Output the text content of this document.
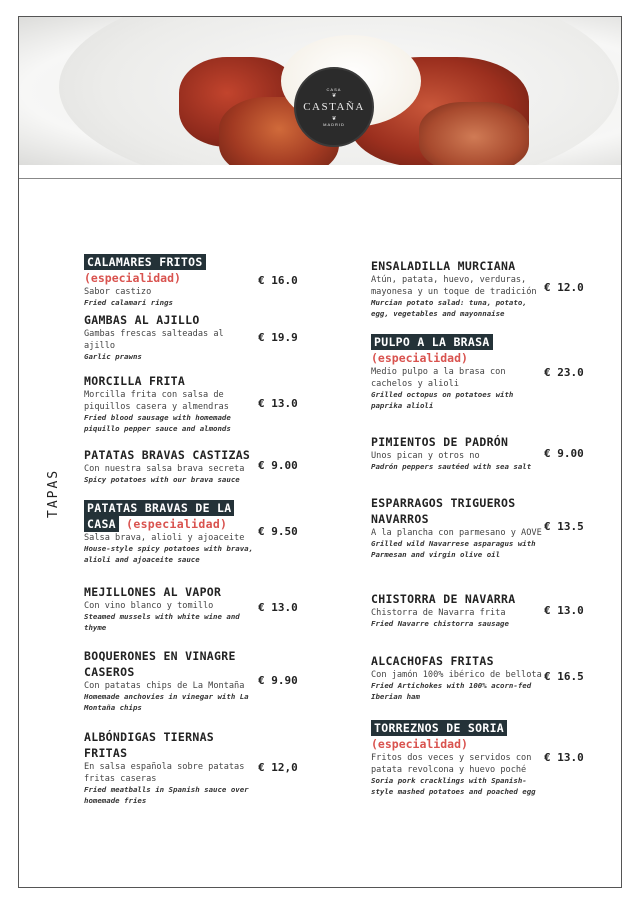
CASA
❦
CASTAÑA
❦
MADRID
TAPAS
CALAMARES FRITOS
(especialidad)
Sabor castizo
Fried calamari rings
€ 16.0
GAMBAS AL AJILLO
Gambas frescas salteadas al ajillo
Garlic prawns
€ 19.9
MORCILLA FRITA
Morcilla frita con salsa de piquillos casera y almendras
Fried blood sausage with homemade piquillo pepper sauce and almonds
€ 13.0
PATATAS BRAVAS CASTIZAS
Con nuestra salsa brava secreta
Spicy potatoes with our brava sauce
€ 9.00
PATATAS BRAVAS DE LA CASA (especialidad)
Salsa brava, alioli y ajoaceite
House-style spicy potatoes with brava, alioli and ajoaceite sauce
€ 9.50
MEJILLONES AL VAPOR
Con vino blanco y tomillo
Steamed mussels with white wine and thyme
€ 13.0
BOQUERONES EN VINAGRE CASEROS
Con patatas chips de La Montaña
Homemade anchovies in vinegar with La Montaña chips
€ 9.90
ALBÓNDIGAS TIERNAS FRITAS
En salsa española sobre patatas fritas caseras
Fried meatballs in Spanish sauce over homemade fries
€ 12,0
ENSALADILLA MURCIANA
Atún, patata, huevo, verduras, mayonesa y un toque de tradición
Murcian potato salad: tuna, potato, egg, vegetables and mayonnaise
€ 12.0
PULPO A LA BRASA
(especialidad)
Medio pulpo a la brasa con cachelos y alioli
Grilled octopus on potatoes with paprika alioli
€ 23.0
PIMIENTOS DE PADRÓN
Unos pican y otros no
Padrón peppers sautéed with sea salt
€ 9.00
ESPARRAGOS TRIGUEROS NAVARROS
A la plancha con parmesano y AOVE
Grilled wild Navarrese asparagus with Parmesan and virgin olive oil
€ 13.5
CHISTORRA DE NAVARRA
Chistorra de Navarra frita
Fried Navarre chistorra sausage
€ 13.0
ALCACHOFAS FRITAS
Con jamón 100% ibérico de bellota
Fried Artichokes with 100% acorn-fed Iberian ham
€ 16.5
TORREZNOS DE SORIA
(especialidad)
Fritos dos veces y servidos con patata revolcona y huevo poché
Soria pork cracklings with Spanish-style mashed potatoes and poached egg
€ 13.0
